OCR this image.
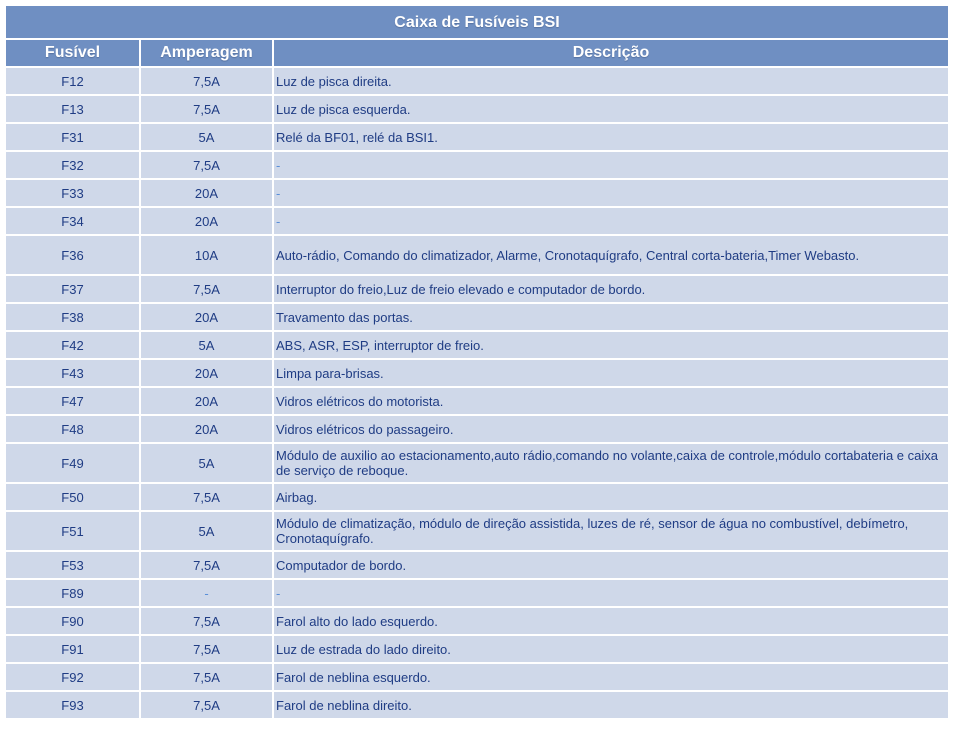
Caixa de Fusíveis BSI		
Fusível	Amperagem	Descrição
F12	7,5A	Luz de pisca direita.
F13	7,5A	Luz de pisca esquerda.
F31	5A	Relé da BF01, relé da BSI1.
F32	7,5A	-
F33	20A	-
F34	20A	-
F36	10A	Auto-rádio, Comando do climatizador, Alarme, Cronotaquígrafo, Central corta-bateria,Timer Webasto.
F37	7,5A	Interruptor do freio,Luz de freio elevado e computador de bordo.
F38	20A	Travamento das portas.
F42	5A	ABS, ASR, ESP, interruptor de freio.
F43	20A	Limpa para-brisas.
F47	20A	Vidros elétricos do motorista.
F48	20A	Vidros elétricos do passageiro.
F49	5A	Módulo de auxilio ao estacionamento,auto rádio,comando no volante,caixa de controle,módulo cortabateria e caixa de serviço de reboque.
F50	7,5A	Airbag.
F51	5A	Módulo de climatização, módulo de direção assistida, luzes de ré, sensor de água no combustível, debímetro, Cronotaquígrafo.
F53	7,5A	Computador de bordo.
F89	-	-
F90	7,5A	Farol alto do lado esquerdo.
F91	7,5A	Luz de estrada do lado direito.
F92	7,5A	Farol de neblina esquerdo.
F93	7,5A	Farol de neblina direito.
